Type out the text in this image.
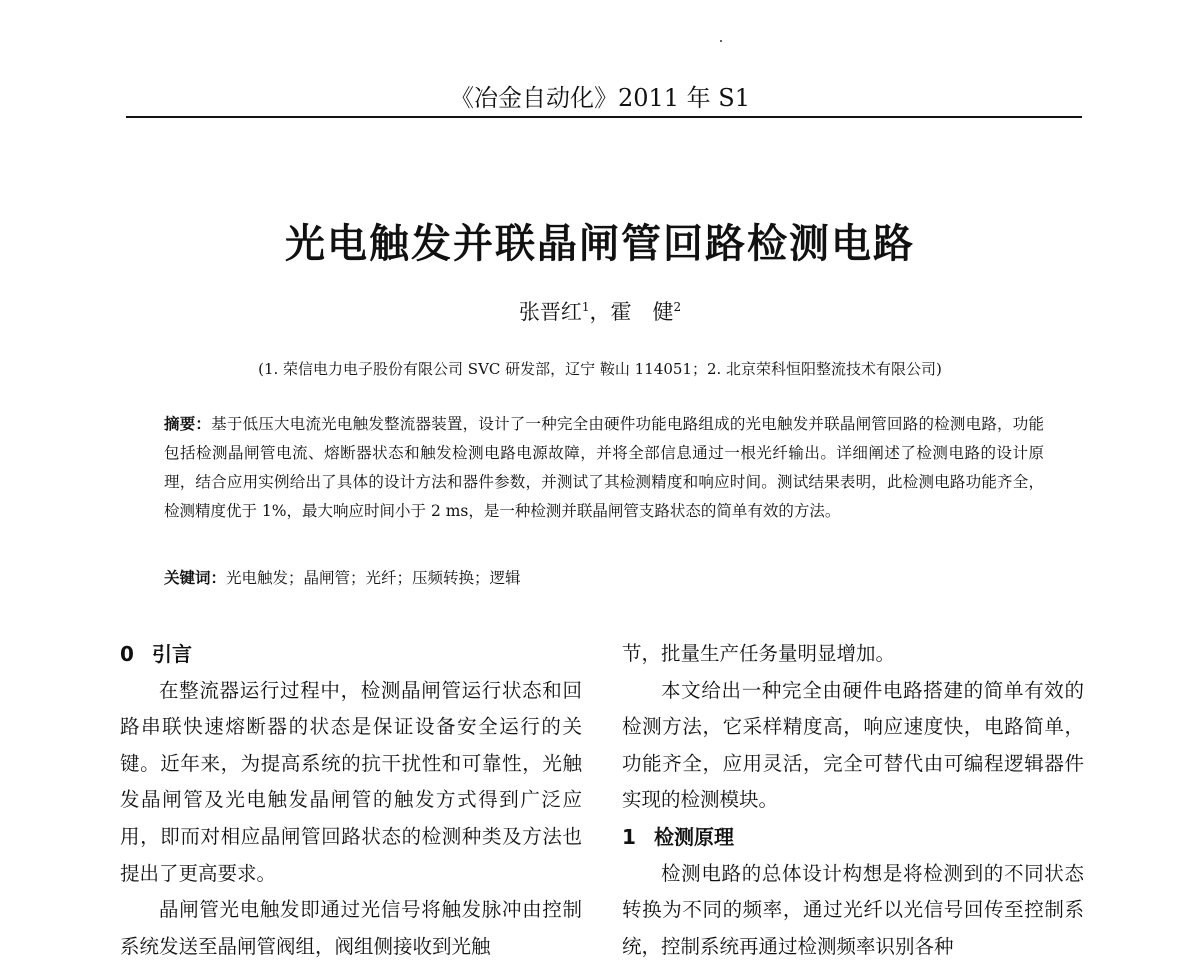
《冶金自动化》2011 年 S1
光电触发并联晶闸管回路检测电路
张晋红$^1$，霍　健$^2$
(1. 荣信电力电子股份有限公司 SVC 研发部，辽宁 鞍山 114051；2. 北京荣科恒阳整流技术有限公司)
摘要：基于低压大电流光电触发整流器装置，设计了一种完全由硬件功能电路组成的光电触发并联晶闸管回路的检测电路，功能包括检测晶闸管电流、熔断器状态和触发检测电路电源故障，并将全部信息通过一根光纤输出。详细阐述了检测电路的设计原理，结合应用实例给出了具体的设计方法和器件参数，并测试了其检测精度和响应时间。测试结果表明，此检测电路功能齐全，检测精度优于 1%，最大响应时间小于 2 ms，是一种检测并联晶闸管支路状态的简单有效的方法。
关键词：光电触发；晶闸管；光纤；压频转换；逻辑

0 引言

在整流器运行过程中，检测晶闸管运行状态和回路串联快速熔断器的状态是保证设备安全运行的关键。近年来，为提高系统的抗干扰性和可靠性，光触发晶闸管及光电触发晶闸管的触发方式得到广泛应用，即而对相应晶闸管回路状态的检测种类及方法也提出了更高要求。

晶闸管光电触发即通过光信号将触发脉冲由控制系统发送至晶闸管阀组，阀组侧接收到光触

节，批量生产任务量明显增加。

本文给出一种完全由硬件电路搭建的简单有效的检测方法，它采样精度高，响应速度快，电路简单，功能齐全，应用灵活，完全可替代由可编程逻辑器件实现的检测模块。

1 检测原理

检测电路的总体设计构想是将检测到的不同状态转换为不同的频率，通过光纤以光信号回传至控制系统，控制系统再通过检测频率识别各种
